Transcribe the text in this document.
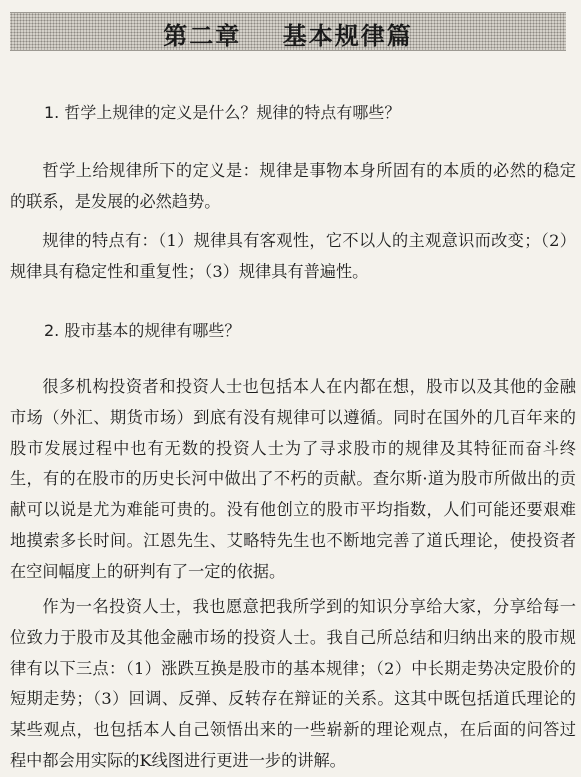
第二章    基本规律篇
1. 哲学上规律的定义是什么？规律的特点有哪些？

哲学上给规律所下的定义是：规律是事物本身所固有的本质的必然的稳定的联系，是发展的必然趋势。

规律的特点有：（1）规律具有客观性，它不以人的主观意识而改变；（2）规律具有稳定性和重复性；（3）规律具有普遍性。

2. 股市基本的规律有哪些？

很多机构投资者和投资人士也包括本人在内都在想，股市以及其他的金融市场（外汇、期货市场）到底有没有规律可以遵循。同时在国外的几百年来的股市发展过程中也有无数的投资人士为了寻求股市的规律及其特征而奋斗终生，有的在股市的历史长河中做出了不朽的贡献。查尔斯·道为股市所做出的贡献可以说是尤为难能可贵的。没有他创立的股市平均指数，人们可能还要艰难地摸索多长时间。江恩先生、艾略特先生也不断地完善了道氏理论，使投资者在空间幅度上的研判有了一定的依据。

作为一名投资人士，我也愿意把我所学到的知识分享给大家，分享给每一位致力于股市及其他金融市场的投资人士。我自己所总结和归纳出来的股市规律有以下三点：（1）涨跌互换是股市的基本规律；（2）中长期走势决定股价的短期走势；（3）回调、反弹、反转存在辩证的关系。这其中既包括道氏理论的某些观点，也包括本人自己领悟出来的一些崭新的理论观点，在后面的问答过程中都会用实际的K线图进行更进一步的讲解。
